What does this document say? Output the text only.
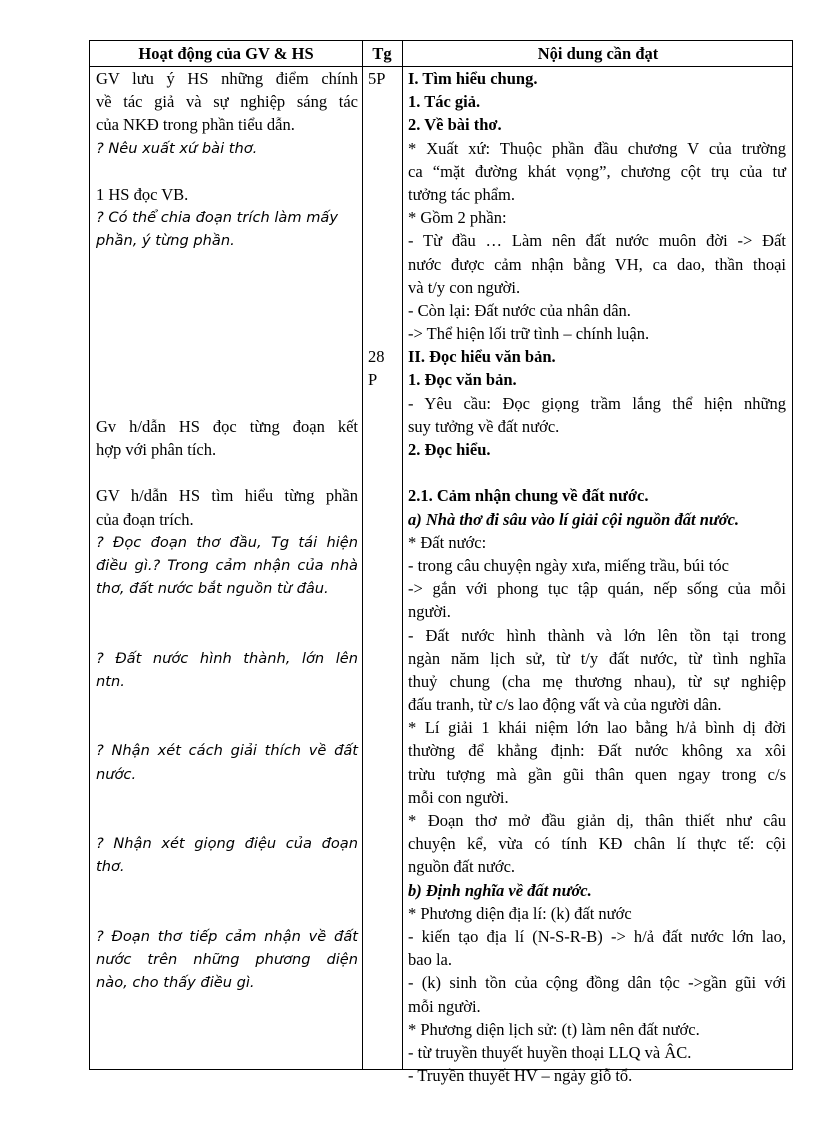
Hoạt động của GV & HS	Tg	Nội dung cần đạt
GV lưu ý HS những điểm chính
về tác giả và sự nghiệp sáng tác
của NKĐ trong phần tiểu dẫn.
? Nêu xuất xứ bài thơ.
1 HS đọc VB.
? Có thể chia đoạn trích làm mấy
phần, ý từng phần.
Gv h/dẫn HS đọc từng đoạn kết
hợp với phân tích.
GV h/dẫn HS tìm hiểu từng phần
của đoạn trích.
? Đọc đoạn thơ đầu, Tg tái hiện
điều gì.? Trong cảm nhận của nhà
thơ, đất nước bắt nguồn từ đâu.
? Đất nước hình thành, lớn lên
ntn.
? Nhận xét cách giải thích về đất
nước.
? Nhận xét giọng điệu của đoạn
thơ.
? Đoạn thơ tiếp cảm nhận về đất
nước trên những phương diện
nào, cho thấy điều gì.
5P
28
P
I. Tìm hiểu chung.
1. Tác giả.
2. Về bài thơ.
* Xuất xứ: Thuộc phần đầu chương V của trường
ca “mặt đường khát vọng”, chương cột trụ của tư
tưởng tác phẩm.
* Gồm 2 phần:
- Từ đầu … Làm nên đất nước muôn đời -> Đất
nước được cảm nhận bằng VH, ca dao, thần thoại
và t/y con người.
- Còn lại: Đất nước của nhân dân.
-> Thể hiện lối trữ tình – chính luận.
II. Đọc hiểu văn bản.
1. Đọc văn bản.
- Yêu cầu: Đọc giọng trầm lắng thể hiện những
suy tưởng về đất nước.
2. Đọc hiểu.
2.1. Cảm nhận chung về đất nước.
a) Nhà thơ đi sâu vào lí giải cội nguồn đất nước.
* Đất nước:
- trong câu chuyện ngày xưa, miếng trầu, búi tóc
-> gắn với phong tục tập quán, nếp sống của mỗi
người.
- Đất nước hình thành và lớn lên tồn tại trong
ngàn năm lịch sử, từ t/y đất nước, từ tình nghĩa
thuỷ chung (cha mẹ thương nhau), từ sự nghiệp
đấu tranh, từ c/s lao động vất và của người dân.
* Lí giải 1 khái niệm lớn lao bằng h/ả bình dị đời
thường để khẳng định: Đất nước không xa xôi
trừu tượng mà gần gũi thân quen ngay trong c/s
mỗi con người.
* Đoạn thơ mở đầu giản dị, thân thiết như câu
chuyện kể, vừa có tính KĐ chân lí thực tế: cội
nguồn đất nước.
b) Định nghĩa về đất nước.
* Phương diện địa lí: (k) đất nước
- kiến tạo địa lí (N-S-R-B) -> h/ả đất nước lớn lao,
bao la.
- (k) sinh tồn của cộng đồng dân tộc ->gần gũi với
mỗi người.
* Phương diện lịch sử: (t) làm nên đất nước.
- từ truyền thuyết huyền thoại LLQ và ÂC.
- Truyền thuyết HV – ngày giỗ tổ.
